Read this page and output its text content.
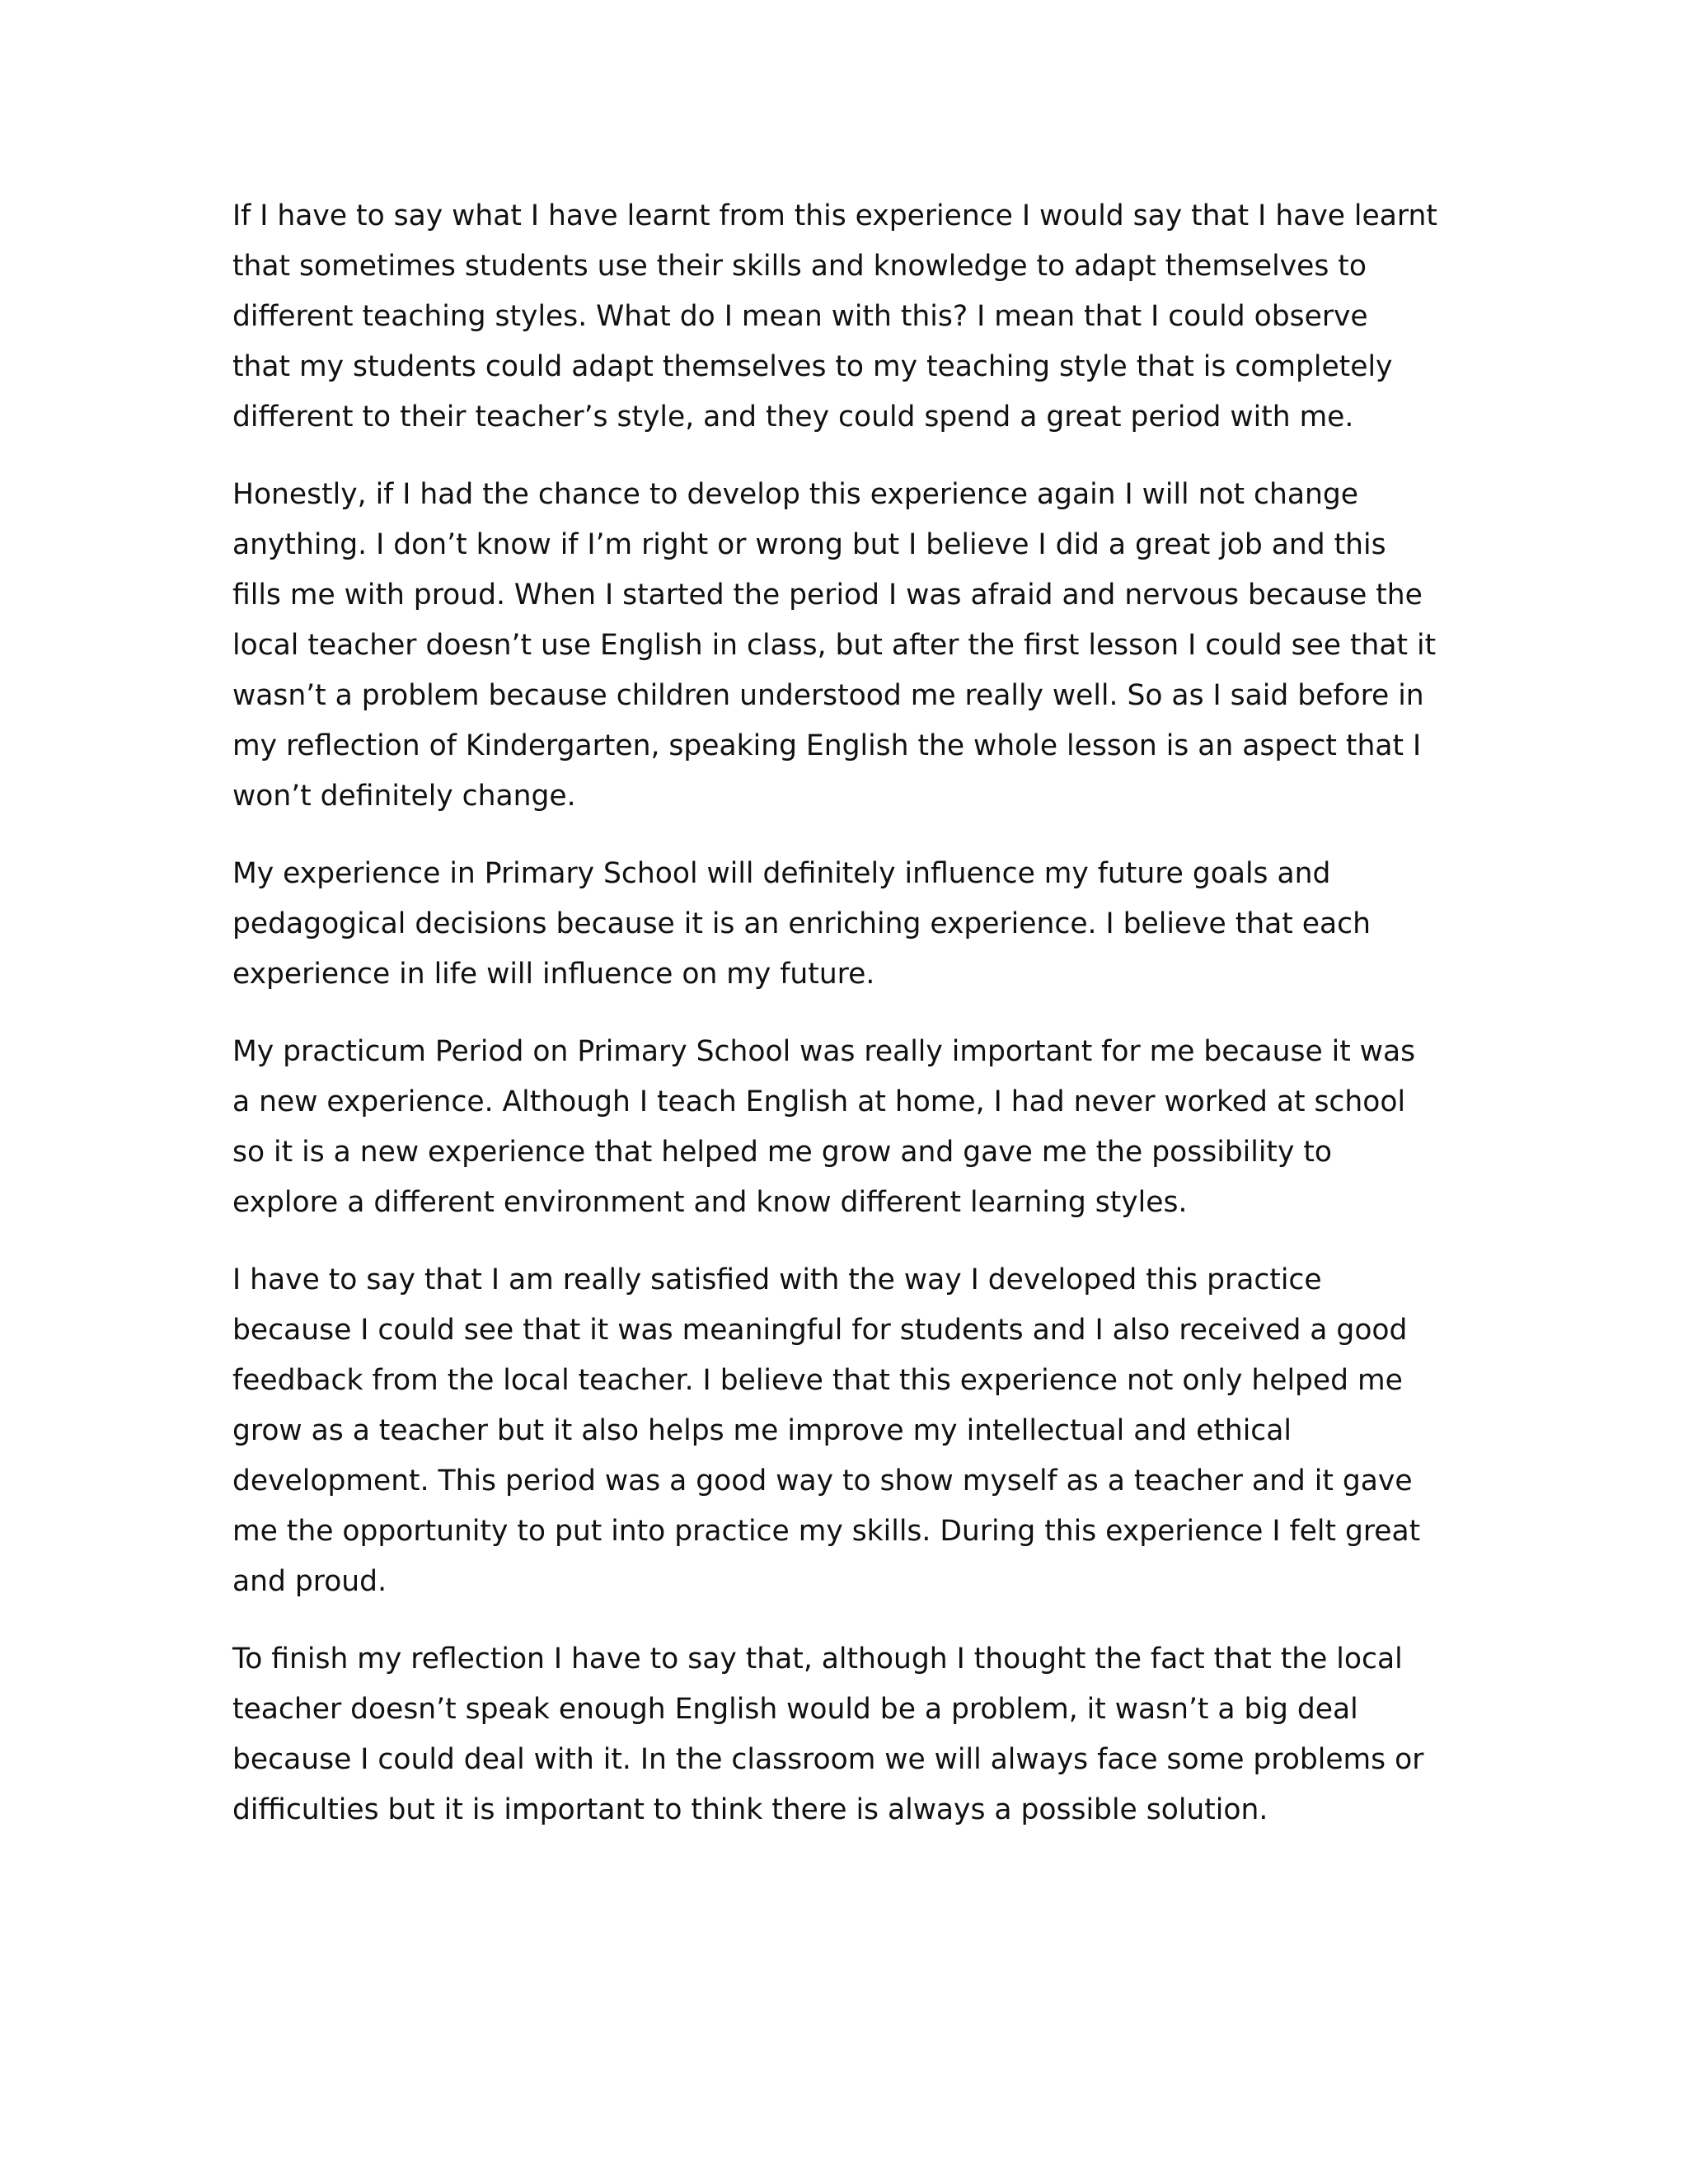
If I have to say what I have learnt from this experience I would say that I have learnt
that sometimes students use their skills and knowledge to adapt themselves to
different teaching styles. What do I mean with this? I mean that I could observe
that my students could adapt themselves to my teaching style that is completely
different to their teacher’s style, and they could spend a great period with me.

Honestly, if I had the chance to develop this experience again I will not change
anything. I don’t know if I’m right or wrong but I believe I did a great job and this
fills me with proud. When I started the period I was afraid and nervous because the
local teacher doesn’t use English in class, but after the first lesson I could see that it
wasn’t a problem because children understood me really well. So as I said before in
my reflection of Kindergarten, speaking English the whole lesson is an aspect that I
won’t definitely change.

My experience in Primary School will definitely influence my future goals and
pedagogical decisions because it is an enriching experience. I believe that each
experience in life will influence on my future.

My practicum Period on Primary School was really important for me because it was
a new experience. Although I teach English at home, I had never worked at school
so it is a new experience that helped me grow and gave me the possibility to
explore a different environment and know different learning styles.

I have to say that I am really satisfied with the way I developed this practice
because I could see that it was meaningful for students and I also received a good
feedback from the local teacher. I believe that this experience not only helped me
grow as a teacher but it also helps me improve my intellectual and ethical
development. This period was a good way to show myself as a teacher and it gave
me the opportunity to put into practice my skills. During this experience I felt great
and proud.

To finish my reflection I have to say that, although I thought the fact that the local
teacher doesn’t speak enough English would be a problem, it wasn’t a big deal
because I could deal with it. In the classroom we will always face some problems or
difficulties but it is important to think there is always a possible solution.
